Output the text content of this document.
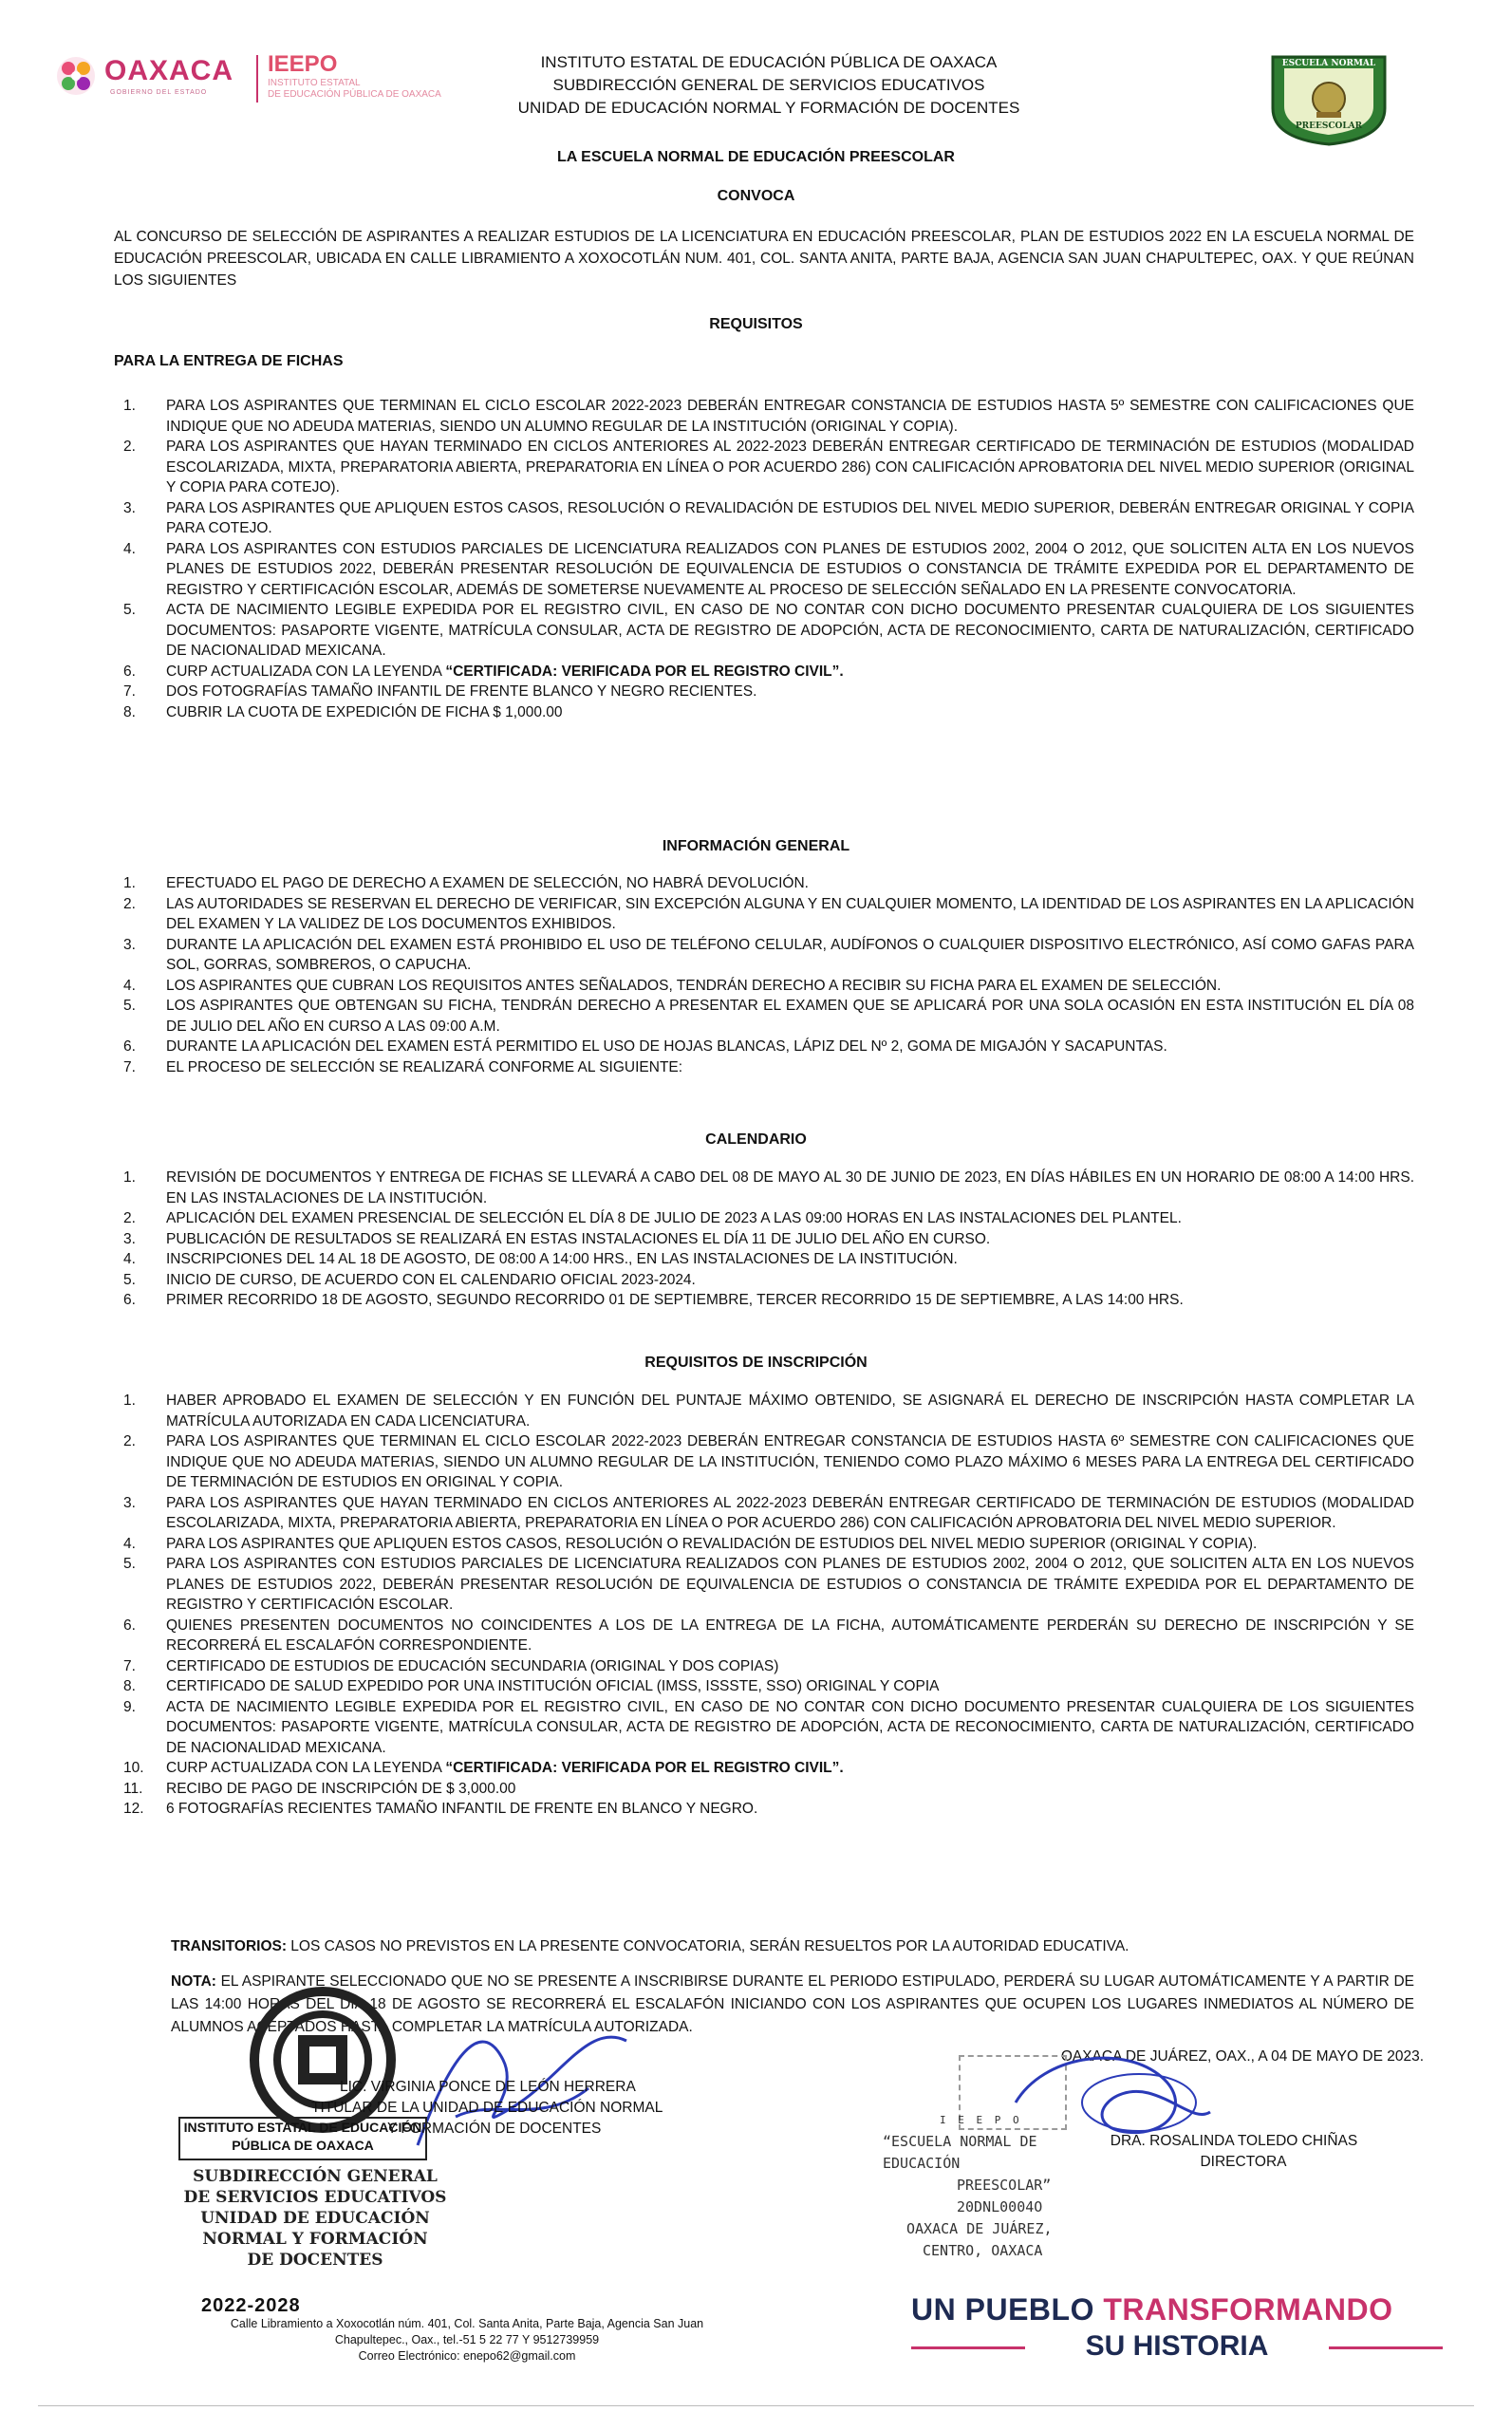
OAXACA
GOBIERNO DEL ESTADO
IEEPO
INSTITUTO ESTATAL
DE EDUCACIÓN PÚBLICA DE OAXACA
INSTITUTO ESTATAL DE EDUCACIÓN PÚBLICA DE OAXACA
SUBDIRECCIÓN GENERAL DE SERVICIOS EDUCATIVOS
UNIDAD DE EDUCACIÓN NORMAL Y FORMACIÓN DE DOCENTES
ESCUELA NORMAL
PREESCOLAR
LA ESCUELA NORMAL DE EDUCACIÓN PREESCOLAR
CONVOCA
AL CONCURSO DE SELECCIÓN DE ASPIRANTES A REALIZAR ESTUDIOS DE LA LICENCIATURA EN EDUCACIÓN PREESCOLAR, PLAN DE ESTUDIOS 2022 EN LA ESCUELA NORMAL DE EDUCACIÓN PREESCOLAR, UBICADA EN CALLE LIBRAMIENTO A XOXOCOTLÁN NUM. 401, COL. SANTA ANITA, PARTE BAJA, AGENCIA SAN JUAN CHAPULTEPEC, OAX. Y QUE REÚNAN LOS SIGUIENTES
REQUISITOS
PARA LA ENTREGA DE FICHAS
1. PARA LOS ASPIRANTES QUE TERMINAN EL CICLO ESCOLAR 2022-2023 DEBERÁN ENTREGAR CONSTANCIA DE ESTUDIOS HASTA 5º SEMESTRE CON CALIFICACIONES QUE INDIQUE QUE NO ADEUDA MATERIAS, SIENDO UN ALUMNO REGULAR DE LA INSTITUCIÓN (ORIGINAL Y COPIA).
2. PARA LOS ASPIRANTES QUE HAYAN TERMINADO EN CICLOS ANTERIORES AL 2022-2023 DEBERÁN ENTREGAR CERTIFICADO DE TERMINACIÓN DE ESTUDIOS (MODALIDAD ESCOLARIZADA, MIXTA, PREPARATORIA ABIERTA, PREPARATORIA EN LÍNEA O POR ACUERDO 286) CON CALIFICACIÓN APROBATORIA DEL NIVEL MEDIO SUPERIOR (ORIGINAL Y COPIA PARA COTEJO).
3. PARA LOS ASPIRANTES QUE APLIQUEN ESTOS CASOS, RESOLUCIÓN O REVALIDACIÓN DE ESTUDIOS DEL NIVEL MEDIO SUPERIOR, DEBERÁN ENTREGAR ORIGINAL Y COPIA PARA COTEJO.
4. PARA LOS ASPIRANTES CON ESTUDIOS PARCIALES DE LICENCIATURA REALIZADOS CON PLANES DE ESTUDIOS 2002, 2004 O 2012, QUE SOLICITEN ALTA EN LOS NUEVOS PLANES DE ESTUDIOS 2022, DEBERÁN PRESENTAR RESOLUCIÓN DE EQUIVALENCIA DE ESTUDIOS O CONSTANCIA DE TRÁMITE EXPEDIDA POR EL DEPARTAMENTO DE REGISTRO Y CERTIFICACIÓN ESCOLAR, ADEMÁS DE SOMETERSE NUEVAMENTE AL PROCESO DE SELECCIÓN SEÑALADO EN LA PRESENTE CONVOCATORIA.
5. ACTA DE NACIMIENTO LEGIBLE EXPEDIDA POR EL REGISTRO CIVIL, EN CASO DE NO CONTAR CON DICHO DOCUMENTO PRESENTAR CUALQUIERA DE LOS SIGUIENTES DOCUMENTOS: PASAPORTE VIGENTE, MATRÍCULA CONSULAR, ACTA DE REGISTRO DE ADOPCIÓN, ACTA DE RECONOCIMIENTO, CARTA DE NATURALIZACIÓN, CERTIFICADO DE NACIONALIDAD MEXICANA.
6. CURP ACTUALIZADA CON LA LEYENDA “CERTIFICADA: VERIFICADA POR EL REGISTRO CIVIL”.
7. DOS FOTOGRAFÍAS TAMAÑO INFANTIL DE FRENTE BLANCO Y NEGRO RECIENTES.
8. CUBRIR LA CUOTA DE EXPEDICIÓN DE FICHA $ 1,000.00
INFORMACIÓN GENERAL
1. EFECTUADO EL PAGO DE DERECHO A EXAMEN DE SELECCIÓN, NO HABRÁ DEVOLUCIÓN.
2. LAS AUTORIDADES SE RESERVAN EL DERECHO DE VERIFICAR, SIN EXCEPCIÓN ALGUNA Y EN CUALQUIER MOMENTO, LA IDENTIDAD DE LOS ASPIRANTES EN LA APLICACIÓN DEL EXAMEN Y LA VALIDEZ DE LOS DOCUMENTOS EXHIBIDOS.
3. DURANTE LA APLICACIÓN DEL EXAMEN ESTÁ PROHIBIDO EL USO DE TELÉFONO CELULAR, AUDÍFONOS O CUALQUIER DISPOSITIVO ELECTRÓNICO, ASÍ COMO GAFAS PARA SOL, GORRAS, SOMBREROS, O CAPUCHA.
4. LOS ASPIRANTES QUE CUBRAN LOS REQUISITOS ANTES SEÑALADOS, TENDRÁN DERECHO A RECIBIR SU FICHA PARA EL EXAMEN DE SELECCIÓN.
5. LOS ASPIRANTES QUE OBTENGAN SU FICHA, TENDRÁN DERECHO A PRESENTAR EL EXAMEN QUE SE APLICARÁ POR UNA SOLA OCASIÓN EN ESTA INSTITUCIÓN EL DÍA 08 DE JULIO DEL AÑO EN CURSO A LAS 09:00 A.M.
6. DURANTE LA APLICACIÓN DEL EXAMEN ESTÁ PERMITIDO EL USO DE HOJAS BLANCAS, LÁPIZ DEL Nº 2, GOMA DE MIGAJÓN Y SACAPUNTAS.
7. EL PROCESO DE SELECCIÓN SE REALIZARÁ CONFORME AL SIGUIENTE:
CALENDARIO
1. REVISIÓN DE DOCUMENTOS Y ENTREGA DE FICHAS SE LLEVARÁ A CABO DEL 08 DE MAYO AL 30 DE JUNIO DE 2023, EN DÍAS HÁBILES EN UN HORARIO DE 08:00 A 14:00 HRS. EN LAS INSTALACIONES DE LA INSTITUCIÓN.
2. APLICACIÓN DEL EXAMEN PRESENCIAL DE SELECCIÓN EL DÍA 8 DE JULIO DE 2023 A LAS 09:00 HORAS EN LAS INSTALACIONES DEL PLANTEL.
3. PUBLICACIÓN DE RESULTADOS SE REALIZARÁ EN ESTAS INSTALACIONES EL DÍA 11 DE JULIO DEL AÑO EN CURSO.
4. INSCRIPCIONES DEL 14 AL 18 DE AGOSTO, DE 08:00 A 14:00 HRS., EN LAS INSTALACIONES DE LA INSTITUCIÓN.
5. INICIO DE CURSO, DE ACUERDO CON EL CALENDARIO OFICIAL 2023-2024.
6. PRIMER RECORRIDO 18 DE AGOSTO, SEGUNDO RECORRIDO 01 DE SEPTIEMBRE, TERCER RECORRIDO 15 DE SEPTIEMBRE, A LAS 14:00 HRS.
REQUISITOS DE INSCRIPCIÓN
1. HABER APROBADO EL EXAMEN DE SELECCIÓN Y EN FUNCIÓN DEL PUNTAJE MÁXIMO OBTENIDO, SE ASIGNARÁ EL DERECHO DE INSCRIPCIÓN HASTA COMPLETAR LA MATRÍCULA AUTORIZADA EN CADA LICENCIATURA.
2. PARA LOS ASPIRANTES QUE TERMINAN EL CICLO ESCOLAR 2022-2023 DEBERÁN ENTREGAR CONSTANCIA DE ESTUDIOS HASTA 6º SEMESTRE CON CALIFICACIONES QUE INDIQUE QUE NO ADEUDA MATERIAS, SIENDO UN ALUMNO REGULAR DE LA INSTITUCIÓN, TENIENDO COMO PLAZO MÁXIMO 6 MESES PARA LA ENTREGA DEL CERTIFICADO DE TERMINACIÓN DE ESTUDIOS EN ORIGINAL Y COPIA.
3. PARA LOS ASPIRANTES QUE HAYAN TERMINADO EN CICLOS ANTERIORES AL 2022-2023 DEBERÁN ENTREGAR CERTIFICADO DE TERMINACIÓN DE ESTUDIOS (MODALIDAD ESCOLARIZADA, MIXTA, PREPARATORIA ABIERTA, PREPARATORIA EN LÍNEA O POR ACUERDO 286) CON CALIFICACIÓN APROBATORIA DEL NIVEL MEDIO SUPERIOR.
4. PARA LOS ASPIRANTES QUE APLIQUEN ESTOS CASOS, RESOLUCIÓN O REVALIDACIÓN DE ESTUDIOS DEL NIVEL MEDIO SUPERIOR (ORIGINAL Y COPIA).
5. PARA LOS ASPIRANTES CON ESTUDIOS PARCIALES DE LICENCIATURA REALIZADOS CON PLANES DE ESTUDIOS 2002, 2004 O 2012, QUE SOLICITEN ALTA EN LOS NUEVOS PLANES DE ESTUDIOS 2022, DEBERÁN PRESENTAR RESOLUCIÓN DE EQUIVALENCIA DE ESTUDIOS O CONSTANCIA DE TRÁMITE EXPEDIDA POR EL DEPARTAMENTO DE REGISTRO Y CERTIFICACIÓN ESCOLAR.
6. QUIENES PRESENTEN DOCUMENTOS NO COINCIDENTES A LOS DE LA ENTREGA DE LA FICHA, AUTOMÁTICAMENTE PERDERÁN SU DERECHO DE INSCRIPCIÓN Y SE RECORRERÁ EL ESCALAFÓN CORRESPONDIENTE.
7. CERTIFICADO DE ESTUDIOS DE EDUCACIÓN SECUNDARIA (ORIGINAL Y DOS COPIAS)
8. CERTIFICADO DE SALUD EXPEDIDO POR UNA INSTITUCIÓN OFICIAL (IMSS, ISSSTE, SSO) ORIGINAL Y COPIA
9. ACTA DE NACIMIENTO LEGIBLE EXPEDIDA POR EL REGISTRO CIVIL, EN CASO DE NO CONTAR CON DICHO DOCUMENTO PRESENTAR CUALQUIERA DE LOS SIGUIENTES DOCUMENTOS: PASAPORTE VIGENTE, MATRÍCULA CONSULAR, ACTA DE REGISTRO DE ADOPCIÓN, ACTA DE RECONOCIMIENTO, CARTA DE NATURALIZACIÓN, CERTIFICADO DE NACIONALIDAD MEXICANA.
10. CURP ACTUALIZADA CON LA LEYENDA “CERTIFICADA: VERIFICADA POR EL REGISTRO CIVIL”.
11. RECIBO DE PAGO DE INSCRIPCIÓN DE $ 3,000.00
12. 6 FOTOGRAFÍAS RECIENTES TAMAÑO INFANTIL DE FRENTE EN BLANCO Y NEGRO.
TRANSITORIOS: LOS CASOS NO PREVISTOS EN LA PRESENTE CONVOCATORIA, SERÁN RESUELTOS POR LA AUTORIDAD EDUCATIVA.
NOTA: EL ASPIRANTE SELECCIONADO QUE NO SE PRESENTE A INSCRIBIRSE DURANTE EL PERIODO ESTIPULADO, PERDERÁ SU LUGAR AUTOMÁTICAMENTE Y A PARTIR DE LAS 14:00 HORAS DEL DÍA 18 DE AGOSTO SE RECORRERÁ EL ESCALAFÓN INICIANDO CON LOS ASPIRANTES QUE OCUPEN LOS LUGARES INMEDIATOS AL NÚMERO DE ALUMNOS ACEPTADOS HASTA COMPLETAR LA MATRÍCULA AUTORIZADA.
OAXACA DE JUÁREZ, OAX., A 04 DE MAYO DE 2023.
LIC. VIRGINIA PONCE DE LEÓN HERRERA
TITULAR DE LA UNIDAD DE EDUCACIÓN NORMAL
Y FORMACIÓN DE DOCENTES
INSTITUTO ESTATAL DE EDUCACIÓN
PÚBLICA DE OAXACA
SUBDIRECCIÓN GENERAL
DE SERVICIOS EDUCATIVOS
UNIDAD DE EDUCACIÓN
NORMAL Y FORMACIÓN
DE DOCENTES
2022-2028
Calle Libramiento a Xoxocotlán núm. 401, Col. Santa Anita, Parte Baja, Agencia San Juan
Chapultepec., Oax., tel.-51 5 22 77 Y 9512739959
Correo Electrónico: enepo62@gmail.com
I E E P O
“ESCUELA NORMAL DE EDUCACIÓN
PREESCOLAR”
20DNL0004O
OAXACA DE JUÁREZ,
CENTRO, OAXACA
DRA. ROSALINDA TOLEDO CHIÑAS
DIRECTORA
UN PUEBLO TRANSFORMANDO
SU HISTORIA
